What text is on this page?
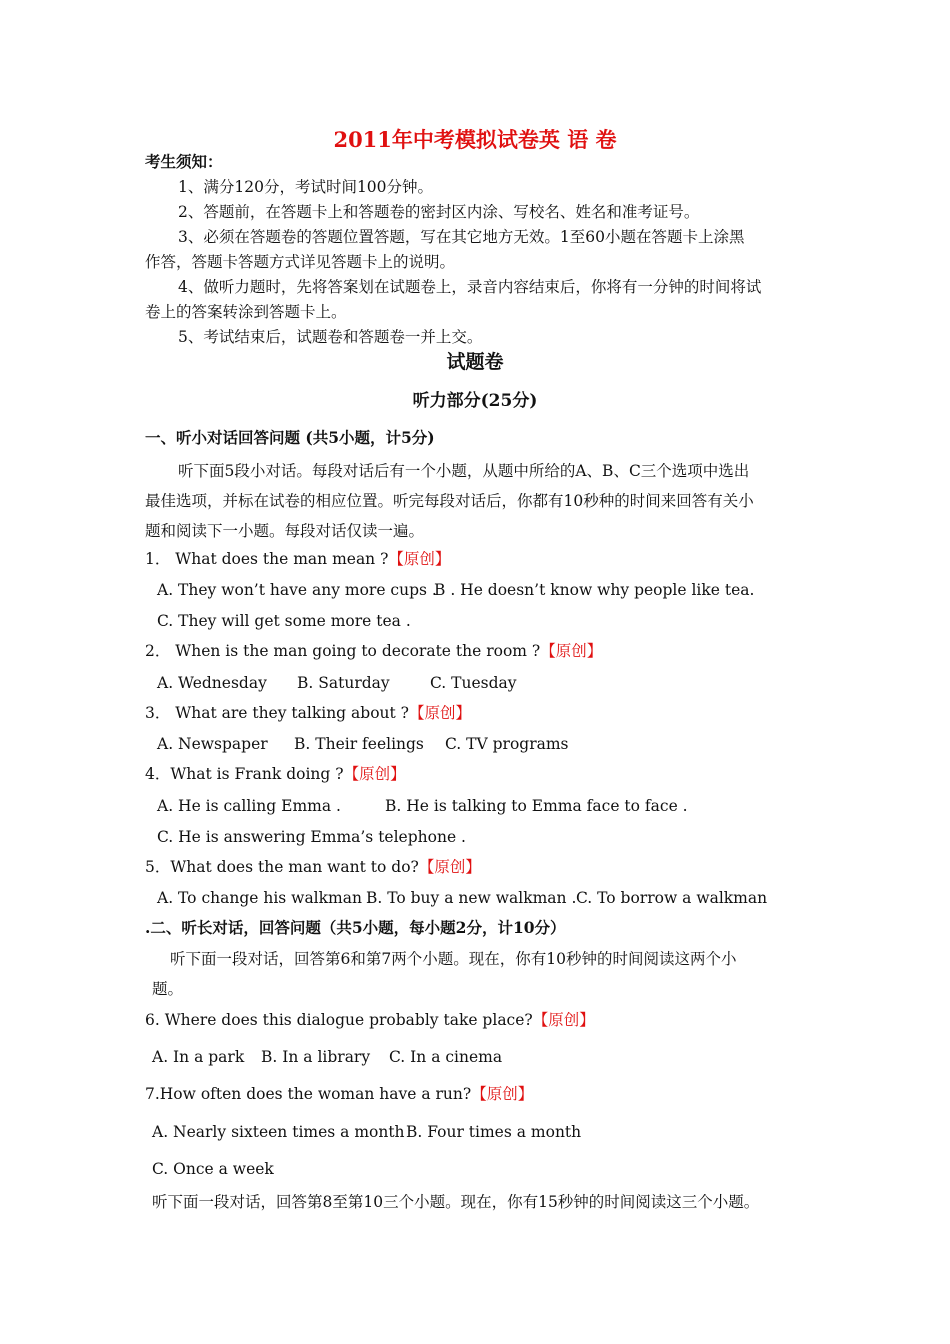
2011年中考模拟试卷英 语 卷
考生须知：
1、满分120分，考试时间100分钟。
2、答题前，在答题卡上和答题卷的密封区内涂、写校名、姓名和准考证号。
3、必须在答题卷的答题位置答题，写在其它地方无效。1至60小题在答题卡上涂黑
作答，答题卡答题方式详见答题卡上的说明。
4、做听力题时，先将答案划在试题卷上，录音内容结束后，你将有一分钟的时间将试
卷上的答案转涂到答题卡上。
5、考试结束后，试题卷和答题卷一并上交。
试题卷
听力部分(25分)
一、听小对话回答问题 (共5小题，计5分)
听下面5段小对话。每段对话后有一个小题，从题中所给的A、B、C三个选项中选出
最佳选项，并标在试卷的相应位置。听完每段对话后，你都有10秒种的时间来回答有关小
题和阅读下一小题。每段对话仅读一遍。
1． What does the man mean ?【原创】
A. They won’t have any more cups .
B . He doesn’t know why people like tea.
C. They will get some more tea .
2． When is the man going to decorate the room ?【原创】
A. Wednesday B. Saturday	C. Tuesday
3． What are they talking about ?【原创】
A. Newspaper B. Their feelings C. TV programs
4．What is Frank doing ?【原创】
A. He is calling Emma .	B. He is talking to Emma face to face .
C. He is answering Emma’s telephone .
5．What does the man want to do?【原创】
A. To change his walkman .
B. To buy a new walkman . C. To borrow a walkman
.二、听长对话，回答问题（共5小题，每小题2分，计10分）
听下面一段对话，回答第6和第7两个小题。现在，你有10秒钟的时间阅读这两个小
题。
6. Where does this dialogue probably take place?【原创】
A. In a park B. In a library C. In a cinema
7.How often does the woman have a run?【原创】
A. Nearly sixteen times a month B. Four times a month
C. Once a week
听下面一段对话，回答第8至第10三个小题。现在，你有15秒钟的时间阅读这三个小题。
